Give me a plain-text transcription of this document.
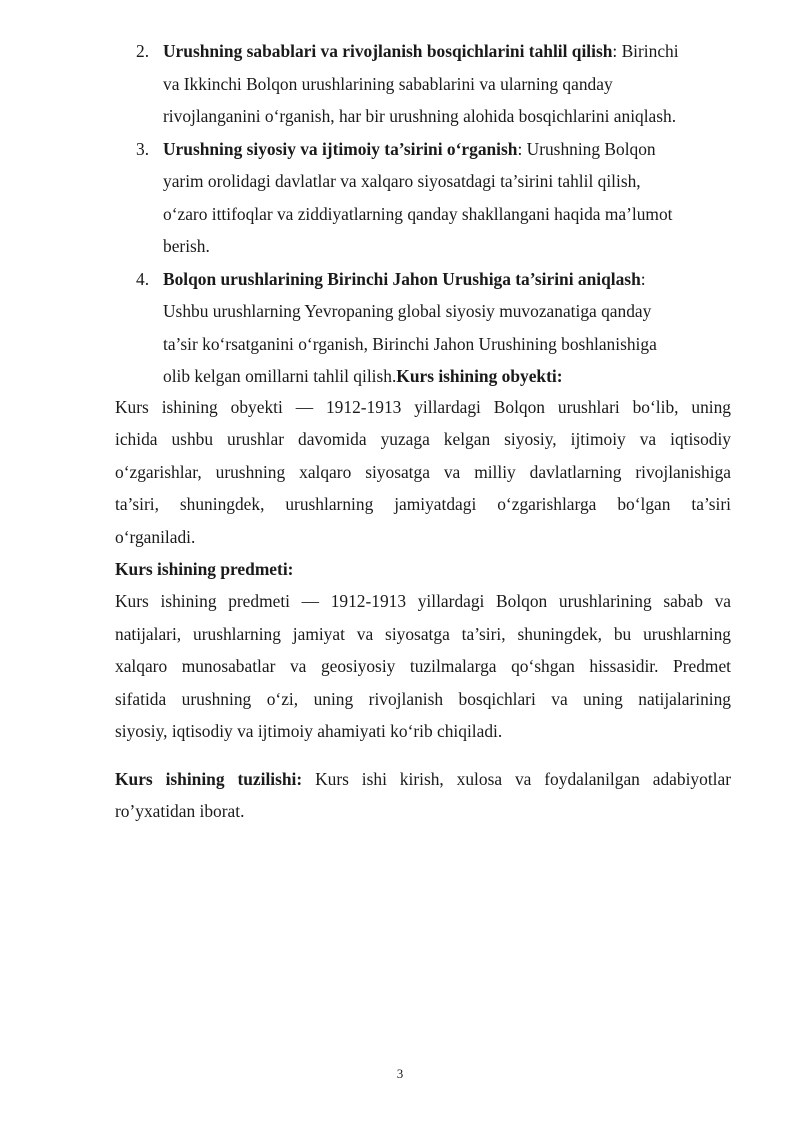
2. Urushning sabablari va rivojlanish bosqichlarini tahlil qilish: Birinchi
va Ikkinchi Bolqon urushlarining sabablarini va ularning qanday
rivojlanganini o‘rganish, har bir urushning alohida bosqichlarini aniqlash.
3. Urushning siyosiy va ijtimoiy ta’sirini o‘rganish: Urushning Bolqon
yarim orolidagi davlatlar va xalqaro siyosatdagi ta’sirini tahlil qilish,
o‘zaro ittifoqlar va ziddiyatlarning qanday shakllangani haqida ma’lumot
berish.
4. Bolqon urushlarining Birinchi Jahon Urushiga ta’sirini aniqlash:
Ushbu urushlarning Yevropaning global siyosiy muvozanatiga qanday
ta’sir ko‘rsatganini o‘rganish, Birinchi Jahon Urushining boshlanishiga
olib kelgan omillarni tahlil qilish.Kurs ishining obyekti:
Kurs ishining obyekti — 1912-1913 yillardagi Bolqon urushlari bo‘lib, uning
ichida ushbu urushlar davomida yuzaga kelgan siyosiy, ijtimoiy va iqtisodiy
o‘zgarishlar, urushning xalqaro siyosatga va milliy davlatlarning rivojlanishiga
ta’siri, shuningdek, urushlarning jamiyatdagi o‘zgarishlarga bo‘lgan ta’siri
o‘rganiladi.
Kurs ishining predmeti:
Kurs ishining predmeti — 1912-1913 yillardagi Bolqon urushlarining sabab va
natijalari, urushlarning jamiyat va siyosatga ta’siri, shuningdek, bu urushlarning
xalqaro munosabatlar va geosiyosiy tuzilmalarga qo‘shgan hissasidir. Predmet
sifatida urushning o‘zi, uning rivojlanish bosqichlari va uning natijalarining
siyosiy, iqtisodiy va ijtimoiy ahamiyati ko‘rib chiqiladi.
Kurs ishining tuzilishi: Kurs ishi kirish, xulosa va foydalanilgan adabiyotlar
ro’yxatidan iborat.
3
